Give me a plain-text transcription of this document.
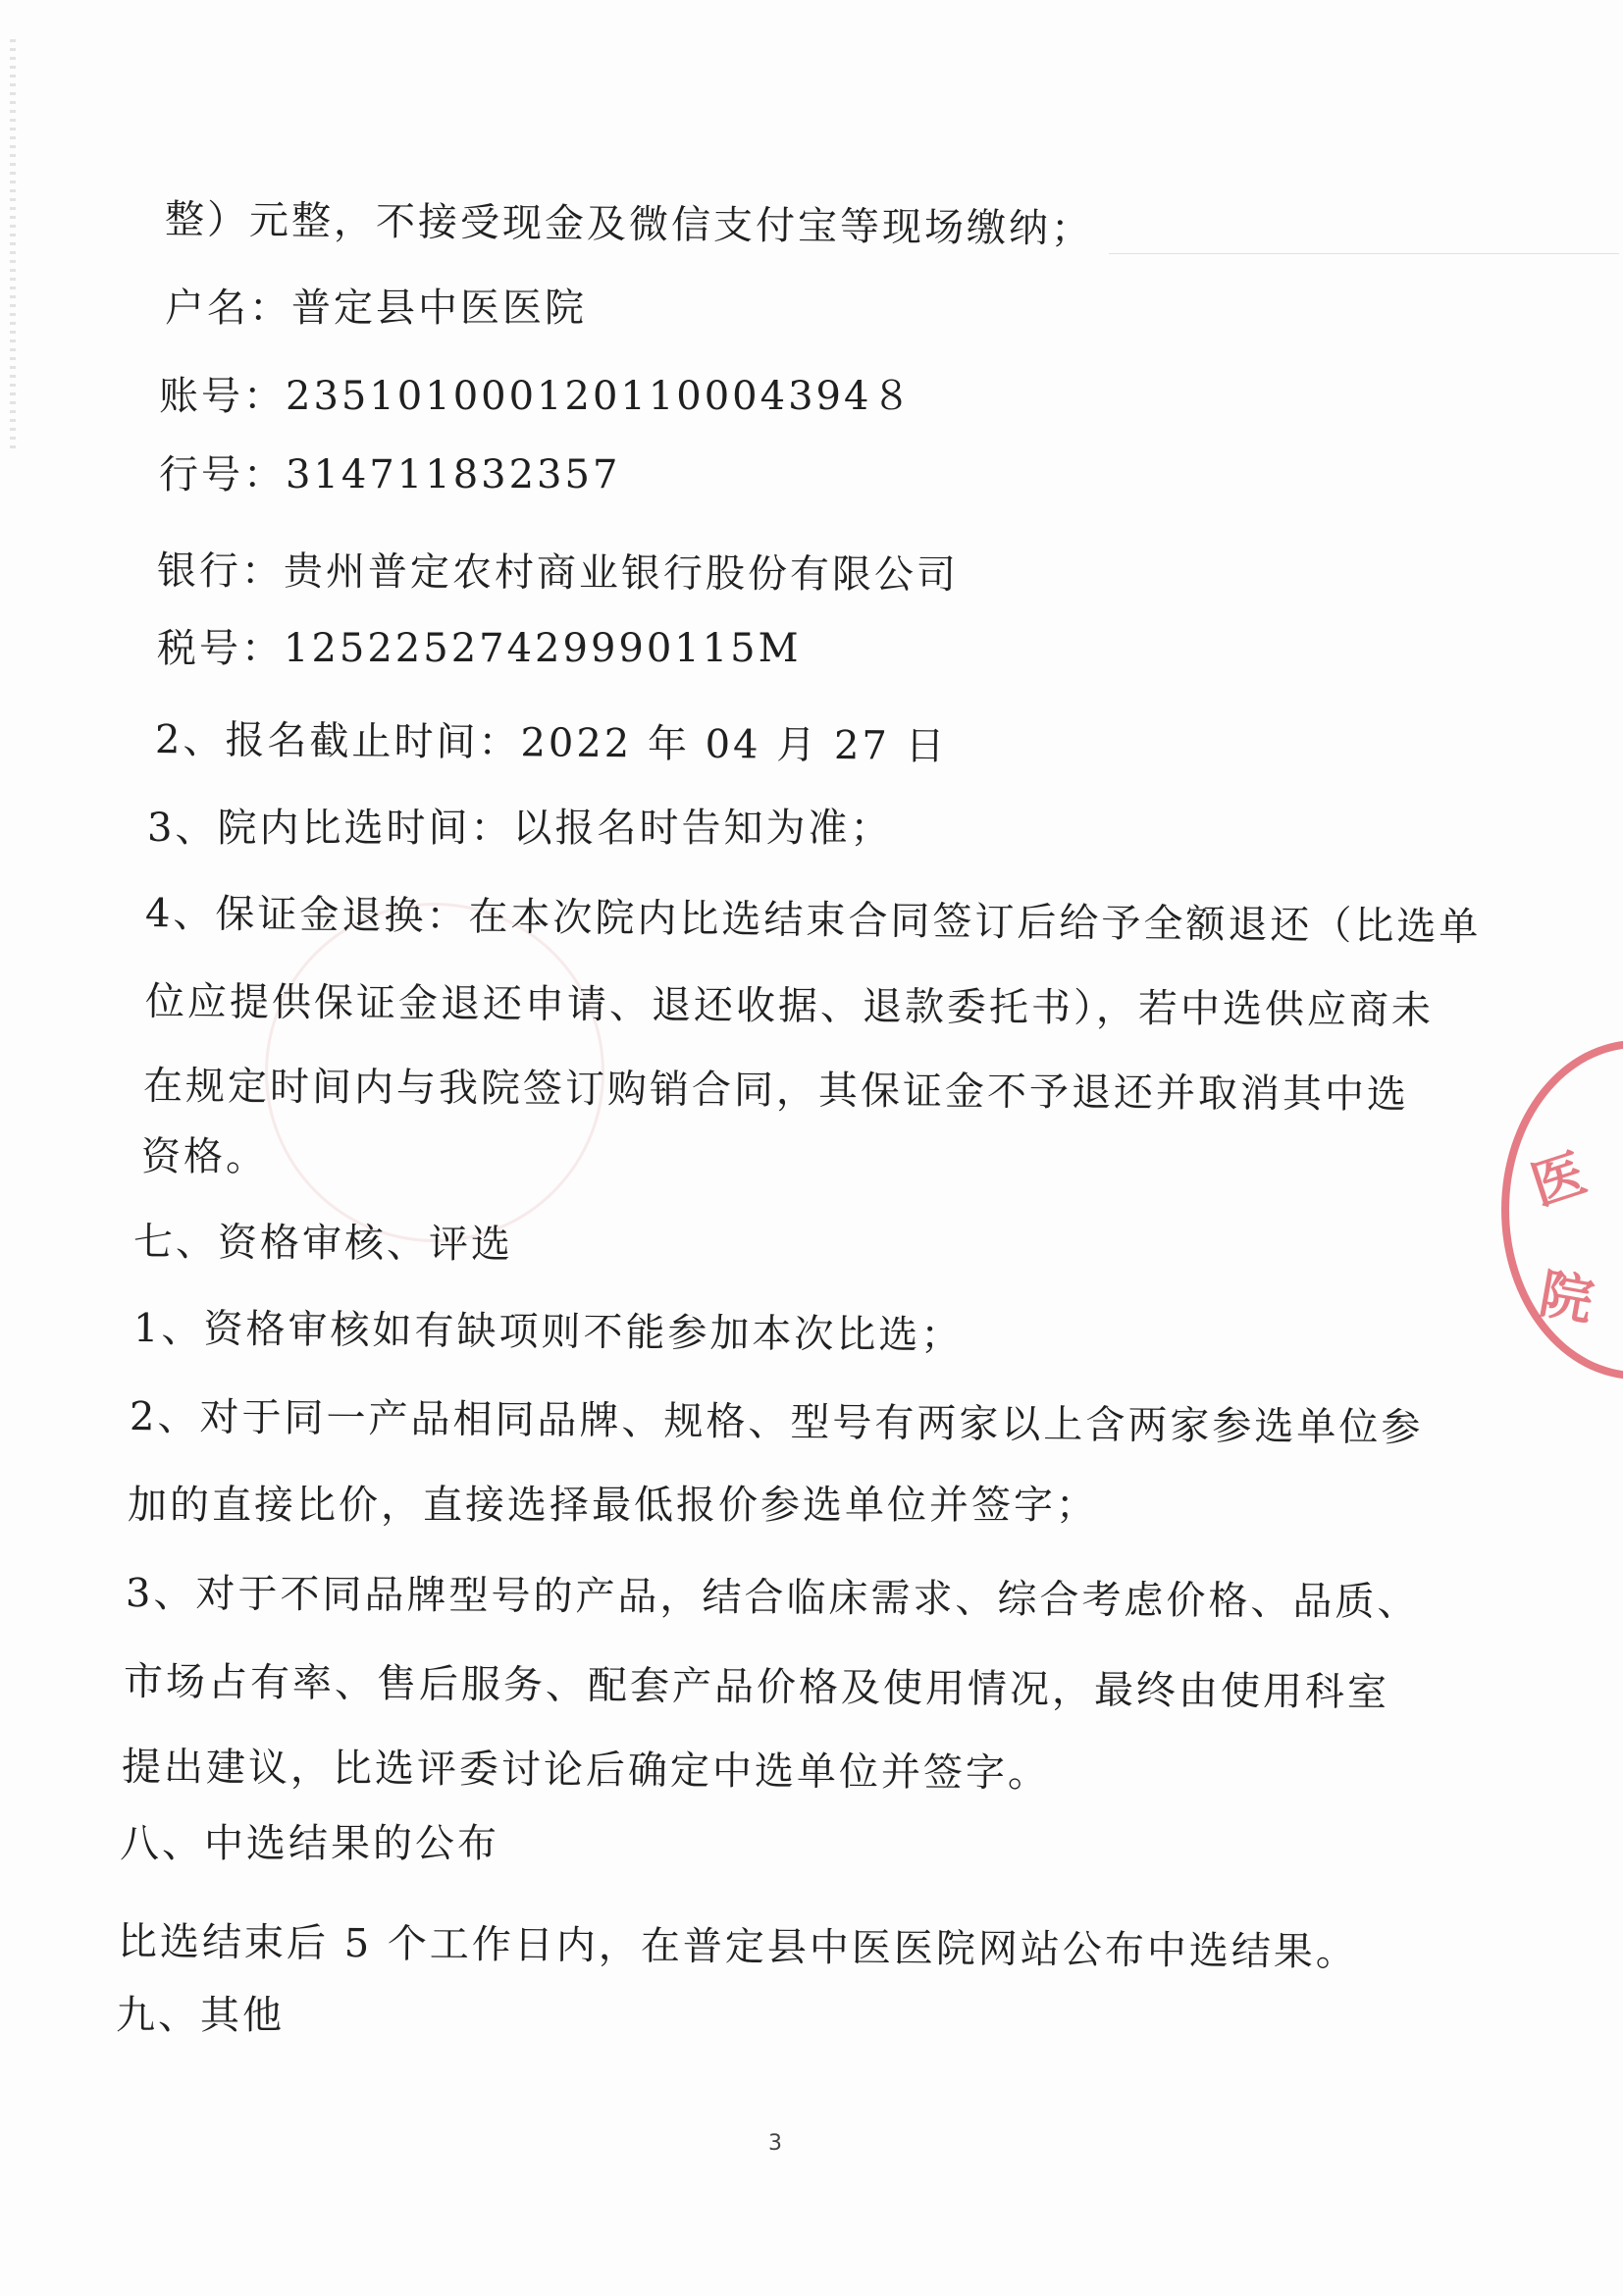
整）元整，不接受现金及微信支付宝等现场缴纳；
户名：普定县中医医院
账号：235101000120110004394８
行号：314711832357
银行：贵州普定农村商业银行股份有限公司
税号：12522527429990115M
2、报名截止时间：2022 年 04 月 27 日
3、院内比选时间：以报名时告知为准；
4、保证金退换：在本次院内比选结束合同签订后给予全额退还（比选单
位应提供保证金退还申请、退还收据、退款委托书），若中选供应商未
在规定时间内与我院签订购销合同，其保证金不予退还并取消其中选
资格。
七、资格审核、评选
1、资格审核如有缺项则不能参加本次比选；
2、对于同一产品相同品牌、规格、型号有两家以上含两家参选单位参
加的直接比价，直接选择最低报价参选单位并签字；
3、对于不同品牌型号的产品，结合临床需求、综合考虑价格、品质、
市场占有率、售后服务、配套产品价格及使用情况，最终由使用科室
提出建议，比选评委讨论后确定中选单位并签字。
八、中选结果的公布
比选结束后 5 个工作日内，在普定县中医医院网站公布中选结果。
九、其他
3
医
院
